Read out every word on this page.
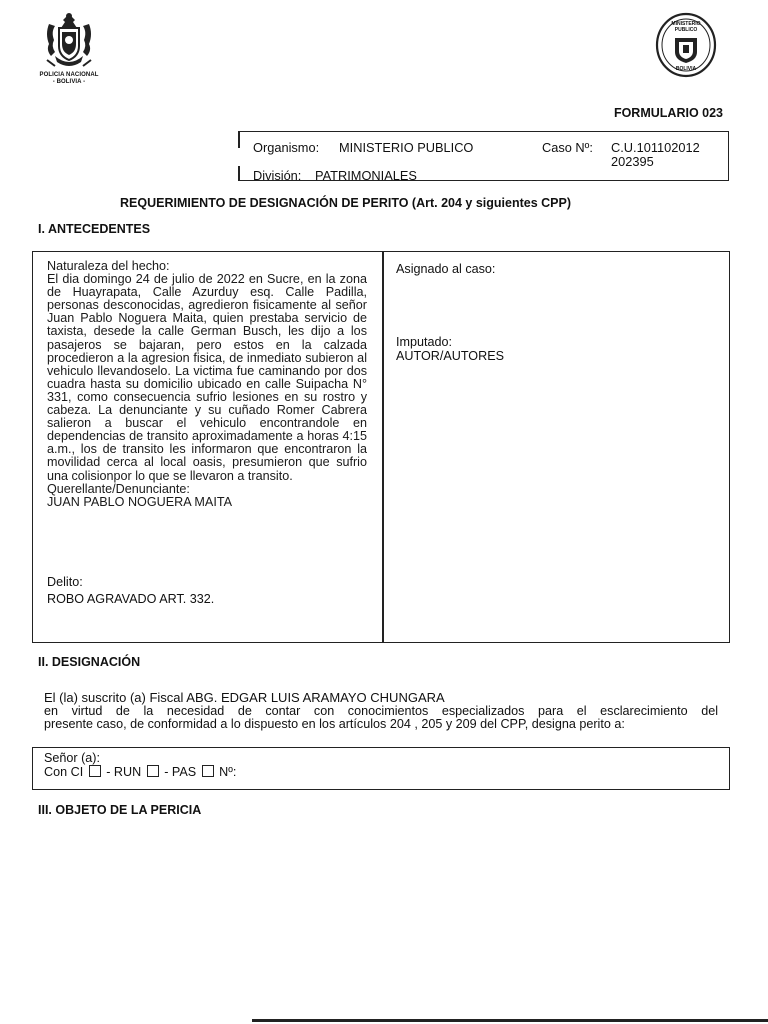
POLICIA NACIONAL
- BOLIVIA -
MINISTERIO
PUBLICO
BOLIVIA
FORMULARIO 023
Organismo: MINISTERIO PUBLICO	Caso Nº: C.U.101102012
202395
División: PATRIMONIALES
REQUERIMIENTO DE DESIGNACIÓN DE PERITO (Art. 204 y siguientes CPP)
I. ANTECEDENTES

Naturaleza del hecho:

El dia domingo 24 de julio de 2022 en Sucre, en la zona de Huayrapata, Calle Azurduy esq. Calle Padilla, personas desconocidas, agredieron fisicamente al señor Juan Pablo Noguera Maita, quien prestaba servicio de taxista, desede la calle German Busch, les dijo a los pasajeros se bajaran, pero estos en la calzada procedieron a la agresion fisica, de inmediato subieron al vehiculo llevandoselo. La victima fue caminando por dos cuadra hasta su domicilio ubicado en calle Suipacha N° 331, como consecuencia sufrio lesiones en su rostro y cabeza. La denunciante y su cuñado Romer Cabrera salieron a buscar el vehiculo encontrandole en dependencias de transito aproximadamente a horas 4:15 a.m., los de transito les informaron que encontraron la movilidad cerca al local oasis, presumieron que sufrio una colisionpor lo que se llevaron a transito.

Querellante/Denunciante:

JUAN PABLO NOGUERA MAITA

Delito:
ROBO AGRAVADO ART. 332.
Asignado al caso:
Imputado:
AUTOR/AUTORES
II. DESIGNACIÓN
El (la) suscrito (a) Fiscal ABG. EDGAR LUIS ARAMAYO CHUNGARA
en virtud de la necesidad de contar con conocimientos especializados para el esclarecimiento del
presente caso, de conformidad a lo dispuesto en los artículos 204 , 205 y 209 del CPP, designa perito a:
Señor (a):
Con CI - RUN - PAS Nº:
III. OBJETO DE LA PERICIA
